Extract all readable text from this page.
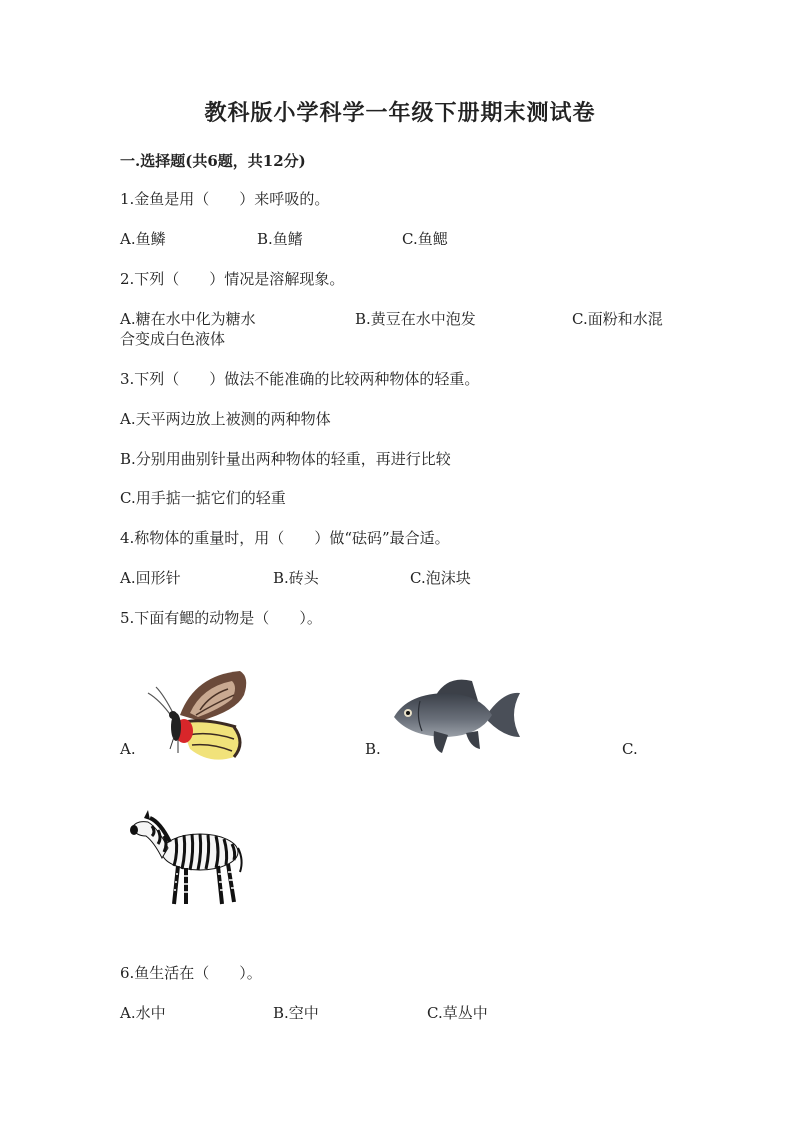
教科版小学科学一年级下册期末测试卷
一.选择题(共6题，共12分)
1.金鱼是用（　　）来呼吸的。
A.鱼鳞	B.鱼鳍	C.鱼鳃
2.下列（　　）情况是溶解现象。
A.糖在水中化为糖水	B.黄豆在水中泡发	C.面粉和水混
合变成白色液体
3.下列（　　）做法不能准确的比较两种物体的轻重。
A.天平两边放上被测的两种物体
B.分别用曲别针量出两种物体的轻重，再进行比较
C.用手掂一掂它们的轻重
4.称物体的重量时，用（　　）做“砝码”最合适。
A.回形针	B.砖头	C.泡沫块
5.下面有鳃的动物是（　　）。
A.	B.	C.
6.鱼生活在（　　）。
A.水中	B.空中	C.草丛中
